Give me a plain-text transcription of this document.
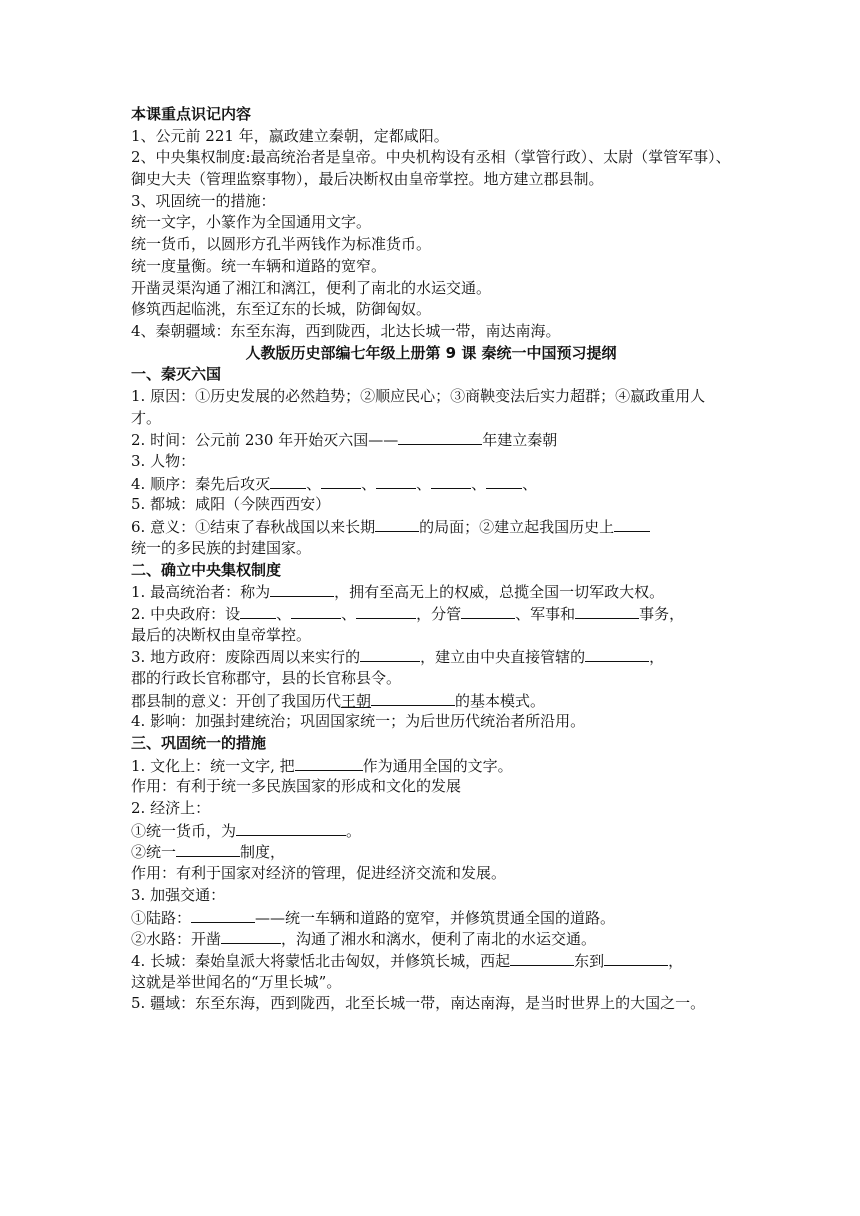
本课重点识记内容
1、公元前 221 年，嬴政建立秦朝，定都咸阳。
2、中央集权制度:最高统治者是皇帝。中央机构设有丞相（掌管行政）、太尉（掌管军事）、御史大夫（管理监察事物），最后决断权由皇帝掌控。地方建立郡县制。
3、巩固统一的措施：
统一文字，小篆作为全国通用文字。
统一货币，以圆形方孔半两钱作为标准货币。
统一度量衡。统一车辆和道路的宽窄。
开凿灵渠沟通了湘江和漓江，便利了南北的水运交通。
修筑西起临洮，东至辽东的长城，防御匈奴。
4、秦朝疆域：东至东海，西到陇西，北达长城一带，南达南海。
人教版历史部编七年级上册第 9 课 秦统一中国预习提纲
一、秦灭六国
1. 原因：①历史发展的必然趋势；②顺应民心；③商鞅变法后实力超群；④嬴政重用人才。
2. 时间：公元前 230 年开始灭六国——	年建立秦朝
3. 人物：
4. 顺序：秦先后攻灭 、	、	、	、 、
5. 都城：咸阳（今陕西西安）
6. 意义：①结束了春秋战国以来长期	的局面；②建立起我国历史上
统一的多民族的封建国家。
二、确立中央集权制度
1. 最高统治者：称为	，拥有至高无上的权威，总揽全国一切军政大权。
2. 中央政府：设 、	、	，分管	、军事和	事务，
最后的决断权由皇帝掌控。
3. 地方政府：废除西周以来实行的	，建立由中央直接管辖的	，
郡的行政长官称郡守，县的长官称县令。
郡县制的意义：开创了我国历代王朝	的基本模式。
4. 影响：加强封建统治；巩固国家统一；为后世历代统治者所沿用。
三、巩固统一的措施
1. 文化上：统一文字, 把	作为通用全国的文字。
作用：有利于统一多民族国家的形成和文化的发展
2. 经济上：
①统一货币，为	。
②统一	制度，
作用：有利于国家对经济的管理，促进经济交流和发展。
3. 加强交通：
①陆路：	——统一车辆和道路的宽窄，并修筑贯通全国的道路。
②水路：开凿	，沟通了湘水和漓水，便利了南北的水运交通。
4. 长城：秦始皇派大将蒙恬北击匈奴，并修筑长城，西起	东到	，
这就是举世闻名的“万里长城”。
5. 疆域：东至东海，西到陇西，北至长城一带，南达南海，是当时世界上的大国之一。
